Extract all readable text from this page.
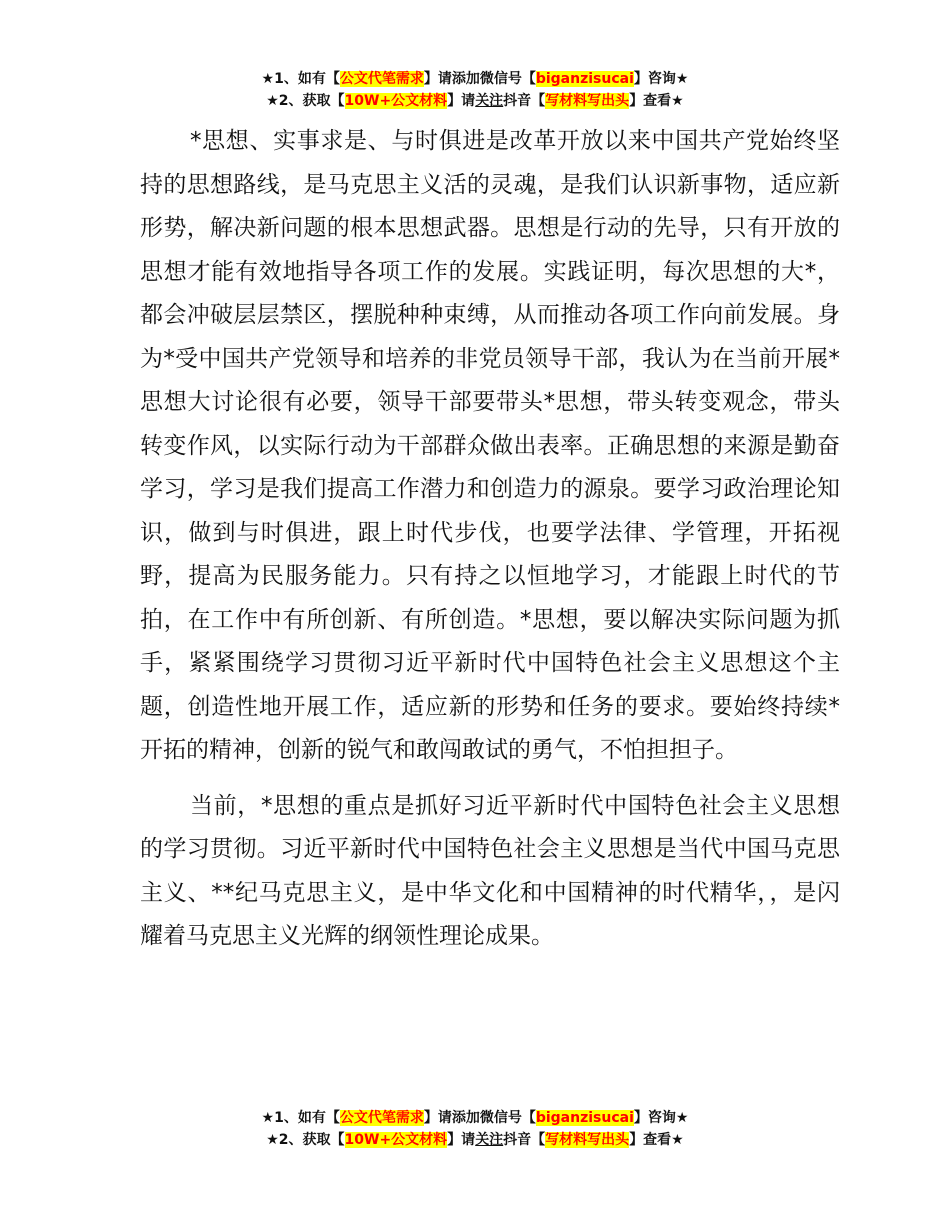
★1、如有【公文代笔需求】请添加微信号【biganzisucai】咨询★
★2、获取【10W+公文材料】请关注抖音【写材料写出头】查看★

*思想、实事求是、与时俱进是改革开放以来中国共产党始终坚持的思想路线，是马克思主义活的灵魂，是我们认识新事物，适应新形势，解决新问题的根本思想武器。思想是行动的先导，只有开放的思想才能有效地指导各项工作的发展。实践证明，每次思想的大*，都会冲破层层禁区，摆脱种种束缚，从而推动各项工作向前发展。身为*受中国共产党领导和培养的非党员领导干部，我认为在当前开展*思想大讨论很有必要，领导干部要带头*思想，带头转变观念，带头转变作风，以实际行动为干部群众做出表率。正确思想的来源是勤奋学习，学习是我们提高工作潜力和创造力的源泉。要学习政治理论知识，做到与时俱进，跟上时代步伐，也要学法律、学管理，开拓视野，提高为民服务能力。只有持之以恒地学习，才能跟上时代的节拍，在工作中有所创新、有所创造。*思想，要以解决实际问题为抓手，紧紧围绕学习贯彻习近平新时代中国特色社会主义思想这个主题，创造性地开展工作，适应新的形势和任务的要求。要始终持续*开拓的精神，创新的锐气和敢闯敢试的勇气，不怕担担子。

当前，*思想的重点是抓好习近平新时代中国特色社会主义思想的学习贯彻。习近平新时代中国特色社会主义思想是当代中国马克思主义、**纪马克思主义，是中华文化和中国精神的时代精华，，是闪耀着马克思主义光辉的纲领性理论成果。

★1、如有【公文代笔需求】请添加微信号【biganzisucai】咨询★
★2、获取【10W+公文材料】请关注抖音【写材料写出头】查看★
